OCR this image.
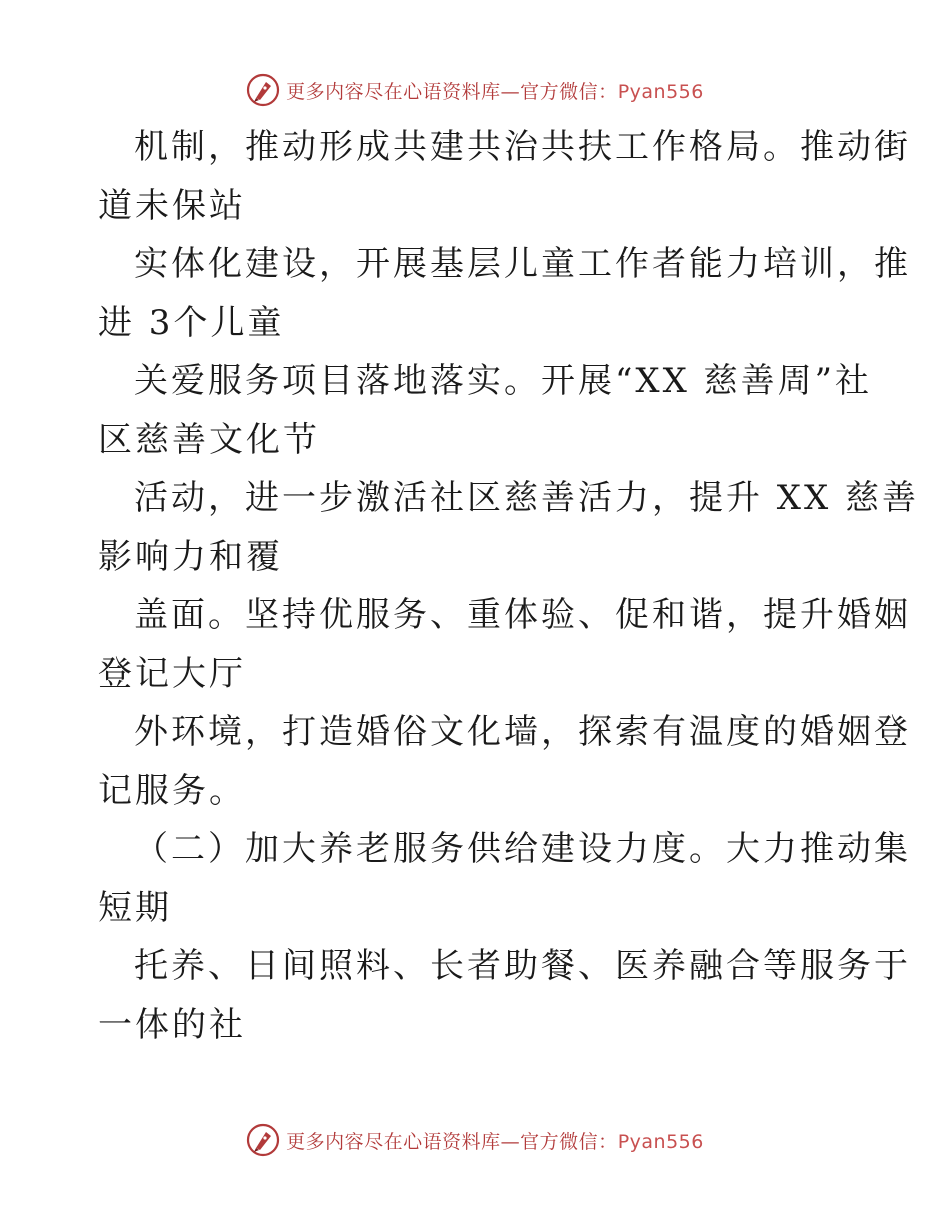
更多内容尽在心语资料库—官方微信：Pyan556
机制，推动形成共建共治共扶工作格局。推动街
道未保站
实体化建设，开展基层儿童工作者能力培训，推
进 3个儿童
关爱服务项目落地落实。开展“XX 慈善周”社
区慈善文化节
活动，进一步激活社区慈善活力，提升 XX 慈善
影响力和覆
盖面。坚持优服务、重体验、促和谐，提升婚姻
登记大厅
外环境，打造婚俗文化墙，探索有温度的婚姻登
记服务。
（二）加大养老服务供给建设力度。大力推动集
短期
托养、日间照料、长者助餐、医养融合等服务于
一体的社
更多内容尽在心语资料库—官方微信：Pyan556
